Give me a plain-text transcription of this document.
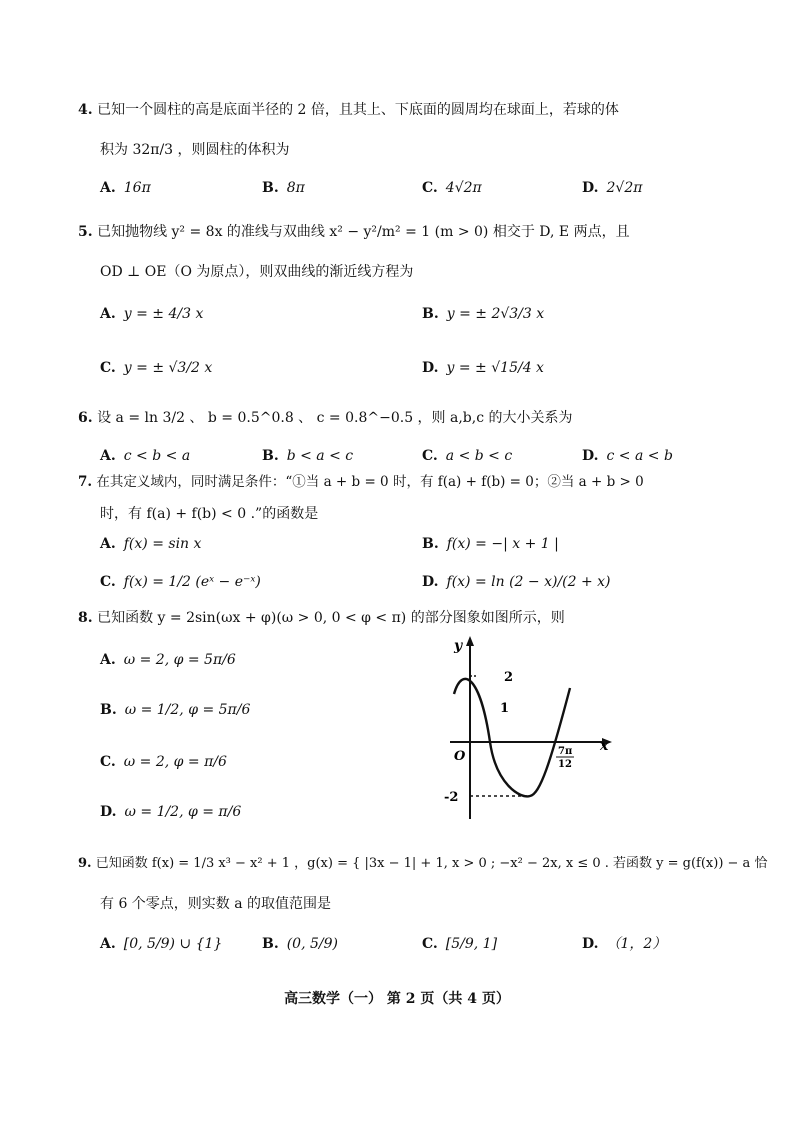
4. 已知一个圆柱的高是底面半径的 2 倍，且其上、下底面的圆周均在球面上，若球的体
积为 32π/3 ，则圆柱的体积为
A. 16π	B. 8π	C. 4√2π	D. 2√2π
5. 已知抛物线 y² = 8x 的准线与双曲线 x² − y²/m² = 1 (m > 0) 相交于 D, E 两点，且
OD ⊥ OE（O 为原点），则双曲线的渐近线方程为
A. y = ± 4/3 x	B. y = ± 2√3/3 x
C. y = ± √3/2 x	D. y = ± √15/4 x
6. 设 a = ln 3/2 、 b = 0.5^0.8 、 c = 0.8^−0.5 ，则 a,b,c 的大小关系为
A. c < b < a	B. b < a < c	C. a < b < c	D. c < a < b
7. 在其定义域内，同时满足条件：“①当 a + b = 0 时，有 f(a) + f(b) = 0；②当 a + b > 0
时，有 f(a) + f(b) < 0 .”的函数是
A. f(x) = sin x	B. f(x) = −| x + 1 |
C. f(x) = 1/2 (eˣ − e⁻ˣ)	D. f(x) = ln (2 − x)/(2 + x)
8. 已知函数 y = 2sin(ωx + φ)(ω > 0, 0 < φ < π) 的部分图象如图所示，则
A. ω = 2, φ = 5π/6
B. ω = 1/2, φ = 5π/6
C. ω = 2, φ = π/6
D. ω = 1/2, φ = π/6
y
x
O
2
1
-2
7π
12
9. 已知函数 f(x) = 1/3 x³ − x² + 1 ，g(x) = { |3x − 1| + 1, x > 0 ; −x² − 2x, x ≤ 0 . 若函数 y = g(f(x)) − a 恰
有 6 个零点，则实数 a 的取值范围是
A. [0, 5/9) ∪ {1}	B. (0, 5/9)	C. [5/9, 1]	D. （1，2）
高三数学（一） 第 2 页（共 4 页）
